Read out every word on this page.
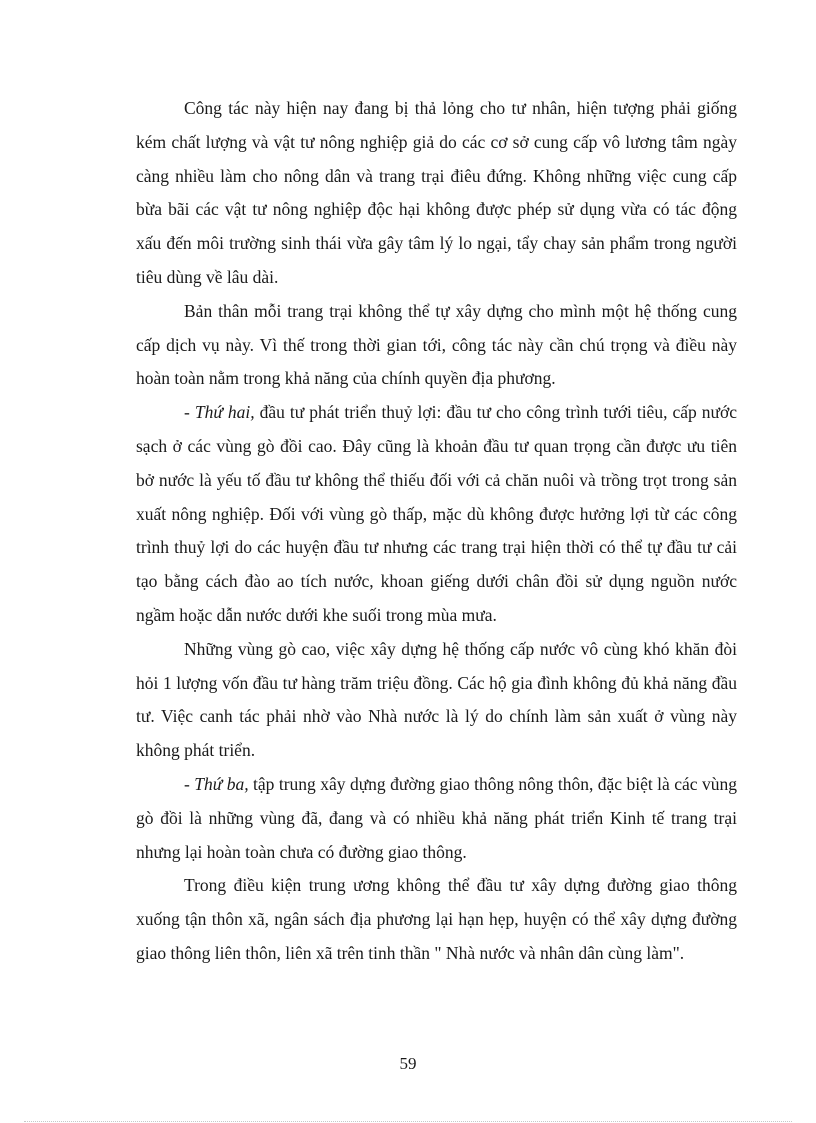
Công tác này hiện nay đang bị thả lỏng cho tư nhân, hiện tượng phải giống kém chất lượng và vật tư nông nghiệp giả do các cơ sở cung cấp vô lương tâm ngày càng nhiều làm cho nông dân và trang trại điêu đứng. Không những việc cung cấp bừa bãi các vật tư nông nghiệp độc hại không được phép sử dụng vừa có tác động xấu đến môi trường sinh thái vừa gây tâm lý lo ngại, tẩy chay sản phẩm trong người tiêu dùng về lâu dài.

Bản thân mỗi trang trại không thể tự xây dựng cho mình một hệ thống cung cấp dịch vụ này. Vì thế trong thời gian tới, công tác này cần chú trọng và điều này hoàn toàn nằm trong khả năng của chính quyền địa phương.

- Thứ hai, đầu tư phát triển thuỷ lợi: đầu tư cho công trình tưới tiêu, cấp nước sạch ở các vùng gò đồi cao. Đây cũng là khoản đầu tư quan trọng cần được ưu tiên bở nước là yếu tố đầu tư không thể thiếu đối với cả chăn nuôi và trồng trọt trong sản xuất nông nghiệp. Đối với vùng gò thấp, mặc dù không được hưởng lợi từ các công trình thuỷ lợi do các huyện đầu tư nhưng các trang trại hiện thời có thể tự đầu tư cải tạo bằng cách đào ao tích nước, khoan giếng dưới chân đồi sử dụng nguồn nước ngầm hoặc dẫn nước dưới khe suối trong mùa mưa.

Những vùng gò cao, việc xây dựng hệ thống cấp nước vô cùng khó khăn đòi hỏi 1 lượng vốn đầu tư hàng trăm triệu đồng. Các hộ gia đình không đủ khả năng đầu tư. Việc canh tác phải nhờ vào Nhà nước là lý do chính làm sản xuất ở vùng này không phát triển.

- Thứ ba, tập trung xây dựng đường giao thông nông thôn, đặc biệt là các vùng gò đồi là những vùng đã, đang và có nhiều khả năng phát triển Kinh tế trang trại nhưng lại hoàn toàn chưa có đường giao thông.

Trong điều kiện trung ương không thể đầu tư xây dựng đường giao thông xuống tận thôn xã, ngân sách địa phương lại hạn hẹp, huyện có thể xây dựng đường giao thông liên thôn, liên xã trên tinh thần " Nhà nước và nhân dân cùng làm".

59
